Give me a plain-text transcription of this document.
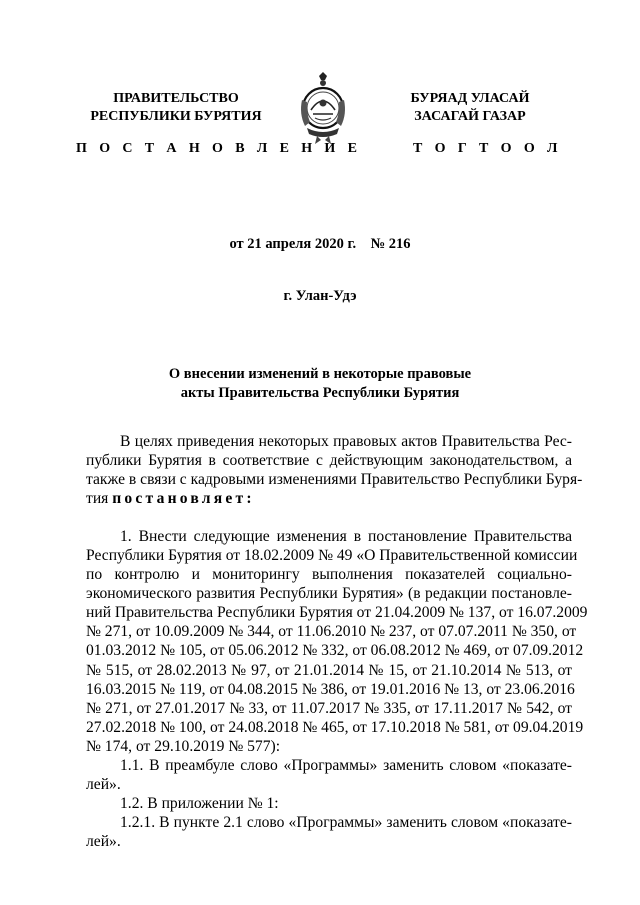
ПРАВИТЕЛЬСТВО
РЕСПУБЛИКИ БУРЯТИЯ
БУРЯАД УЛАСАЙ
ЗАСАГАЙ ГАЗАР
П О С Т А Н О В Л Е Н И Е	Т О Г Т О О Л
от 21 апреля 2020 г.    № 216
г. Улан-Удэ
О внесении изменений в некоторые правовые
акты Правительства Республики Бурятия
В целях приведения некоторых правовых актов Правительства Рес-
публики Бурятия в соответствие с действующим законодательством, а
также в связи с кадровыми изменениями Правительство Республики Буря-
тия постановляет:
1. Внести следующие изменения в постановление Правительства
Республики Бурятия от 18.02.2009 № 49 «О Правительственной комиссии
по контролю и мониторингу выполнения показателей социально-
экономического развития Республики Бурятия» (в редакции постановле-
ний Правительства Республики Бурятия от 21.04.2009 № 137, от 16.07.2009
№ 271, от 10.09.2009 № 344, от 11.06.2010 № 237, от 07.07.2011 № 350, от
01.03.2012 № 105, от 05.06.2012 № 332, от 06.08.2012 № 469, от 07.09.2012
№ 515, от 28.02.2013 № 97, от 21.01.2014 № 15, от 21.10.2014 № 513, от
16.03.2015 № 119, от 04.08.2015 № 386, от 19.01.2016 № 13, от 23.06.2016
№ 271, от 27.01.2017 № 33, от 11.07.2017 № 335, от 17.11.2017 № 542, от
27.02.2018 № 100, от 24.08.2018 № 465, от 17.10.2018 № 581, от 09.04.2019
№ 174, от 29.10.2019 № 577):
1.1. В преамбуле слово «Программы» заменить словом «показате-
лей».
1.2. В приложении № 1:
1.2.1. В пункте 2.1 слово «Программы» заменить словом «показате-
лей».
